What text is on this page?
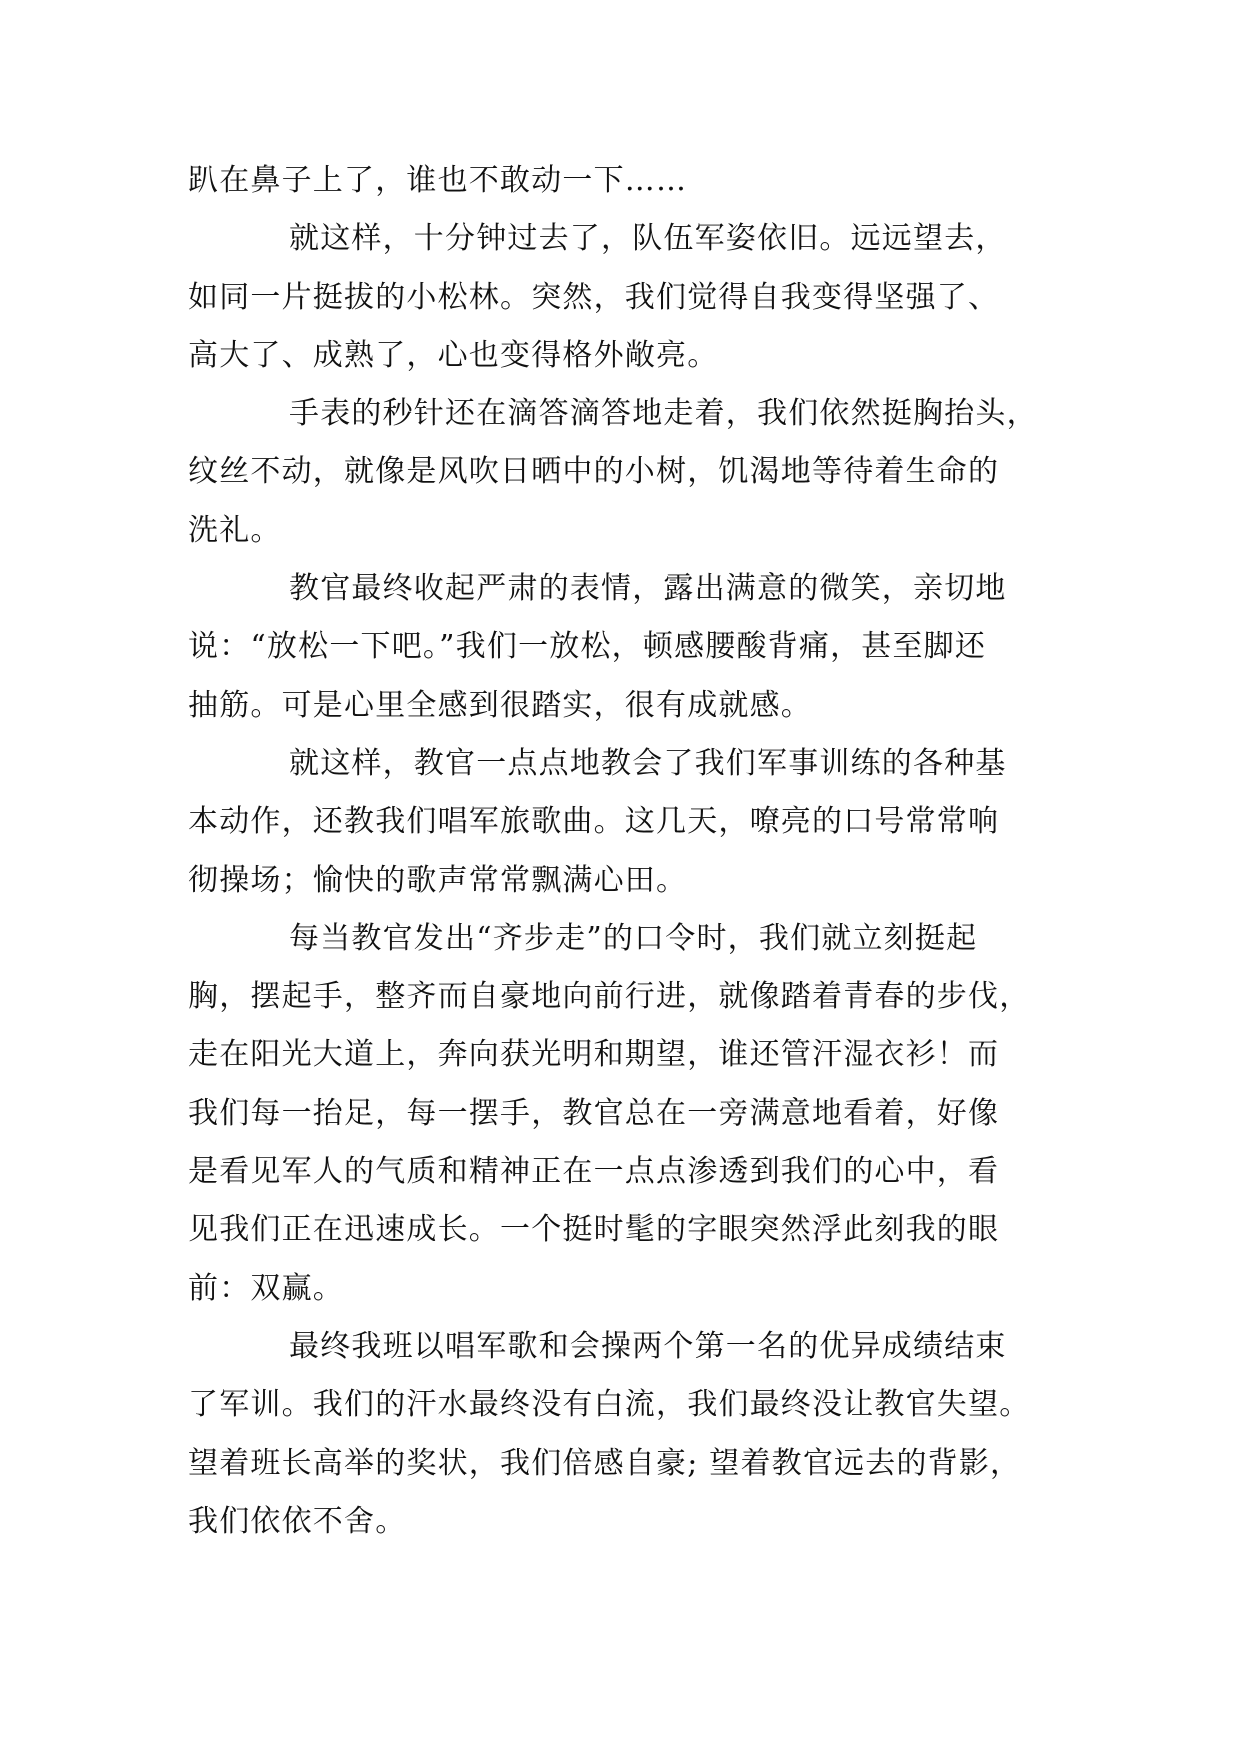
趴在鼻子上了，谁也不敢动一下……

就这样，十分钟过去了，队伍军姿依旧。远远望去，
如同一片挺拔的小松林。突然，我们觉得自我变得坚强了、
高大了、成熟了，心也变得格外敞亮。

手表的秒针还在滴答滴答地走着，我们依然挺胸抬头，
纹丝不动，就像是风吹日晒中的小树，饥渴地等待着生命的
洗礼。

教官最终收起严肃的表情，露出满意的微笑，亲切地
说：“放松一下吧。”我们一放松，顿感腰酸背痛，甚至脚还
抽筋。可是心里全感到很踏实，很有成就感。

就这样，教官一点点地教会了我们军事训练的各种基
本动作，还教我们唱军旅歌曲。这几天，嘹亮的口号常常响
彻操场；愉快的歌声常常飘满心田。

每当教官发出“齐步走”的口令时，我们就立刻挺起
胸，摆起手，整齐而自豪地向前行进，就像踏着青春的步伐，
走在阳光大道上，奔向获光明和期望，谁还管汗湿衣衫！而
我们每一抬足，每一摆手，教官总在一旁满意地看着，好像
是看见军人的气质和精神正在一点点渗透到我们的心中，看
见我们正在迅速成长。一个挺时髦的字眼突然浮此刻我的眼
前：双赢。

最终我班以唱军歌和会操两个第一名的优异成绩结束
了军训。我们的汗水最终没有白流，我们最终没让教官失望。
望着班长高举的奖状，我们倍感自豪; 望着教官远去的背影，
我们依依不舍。
